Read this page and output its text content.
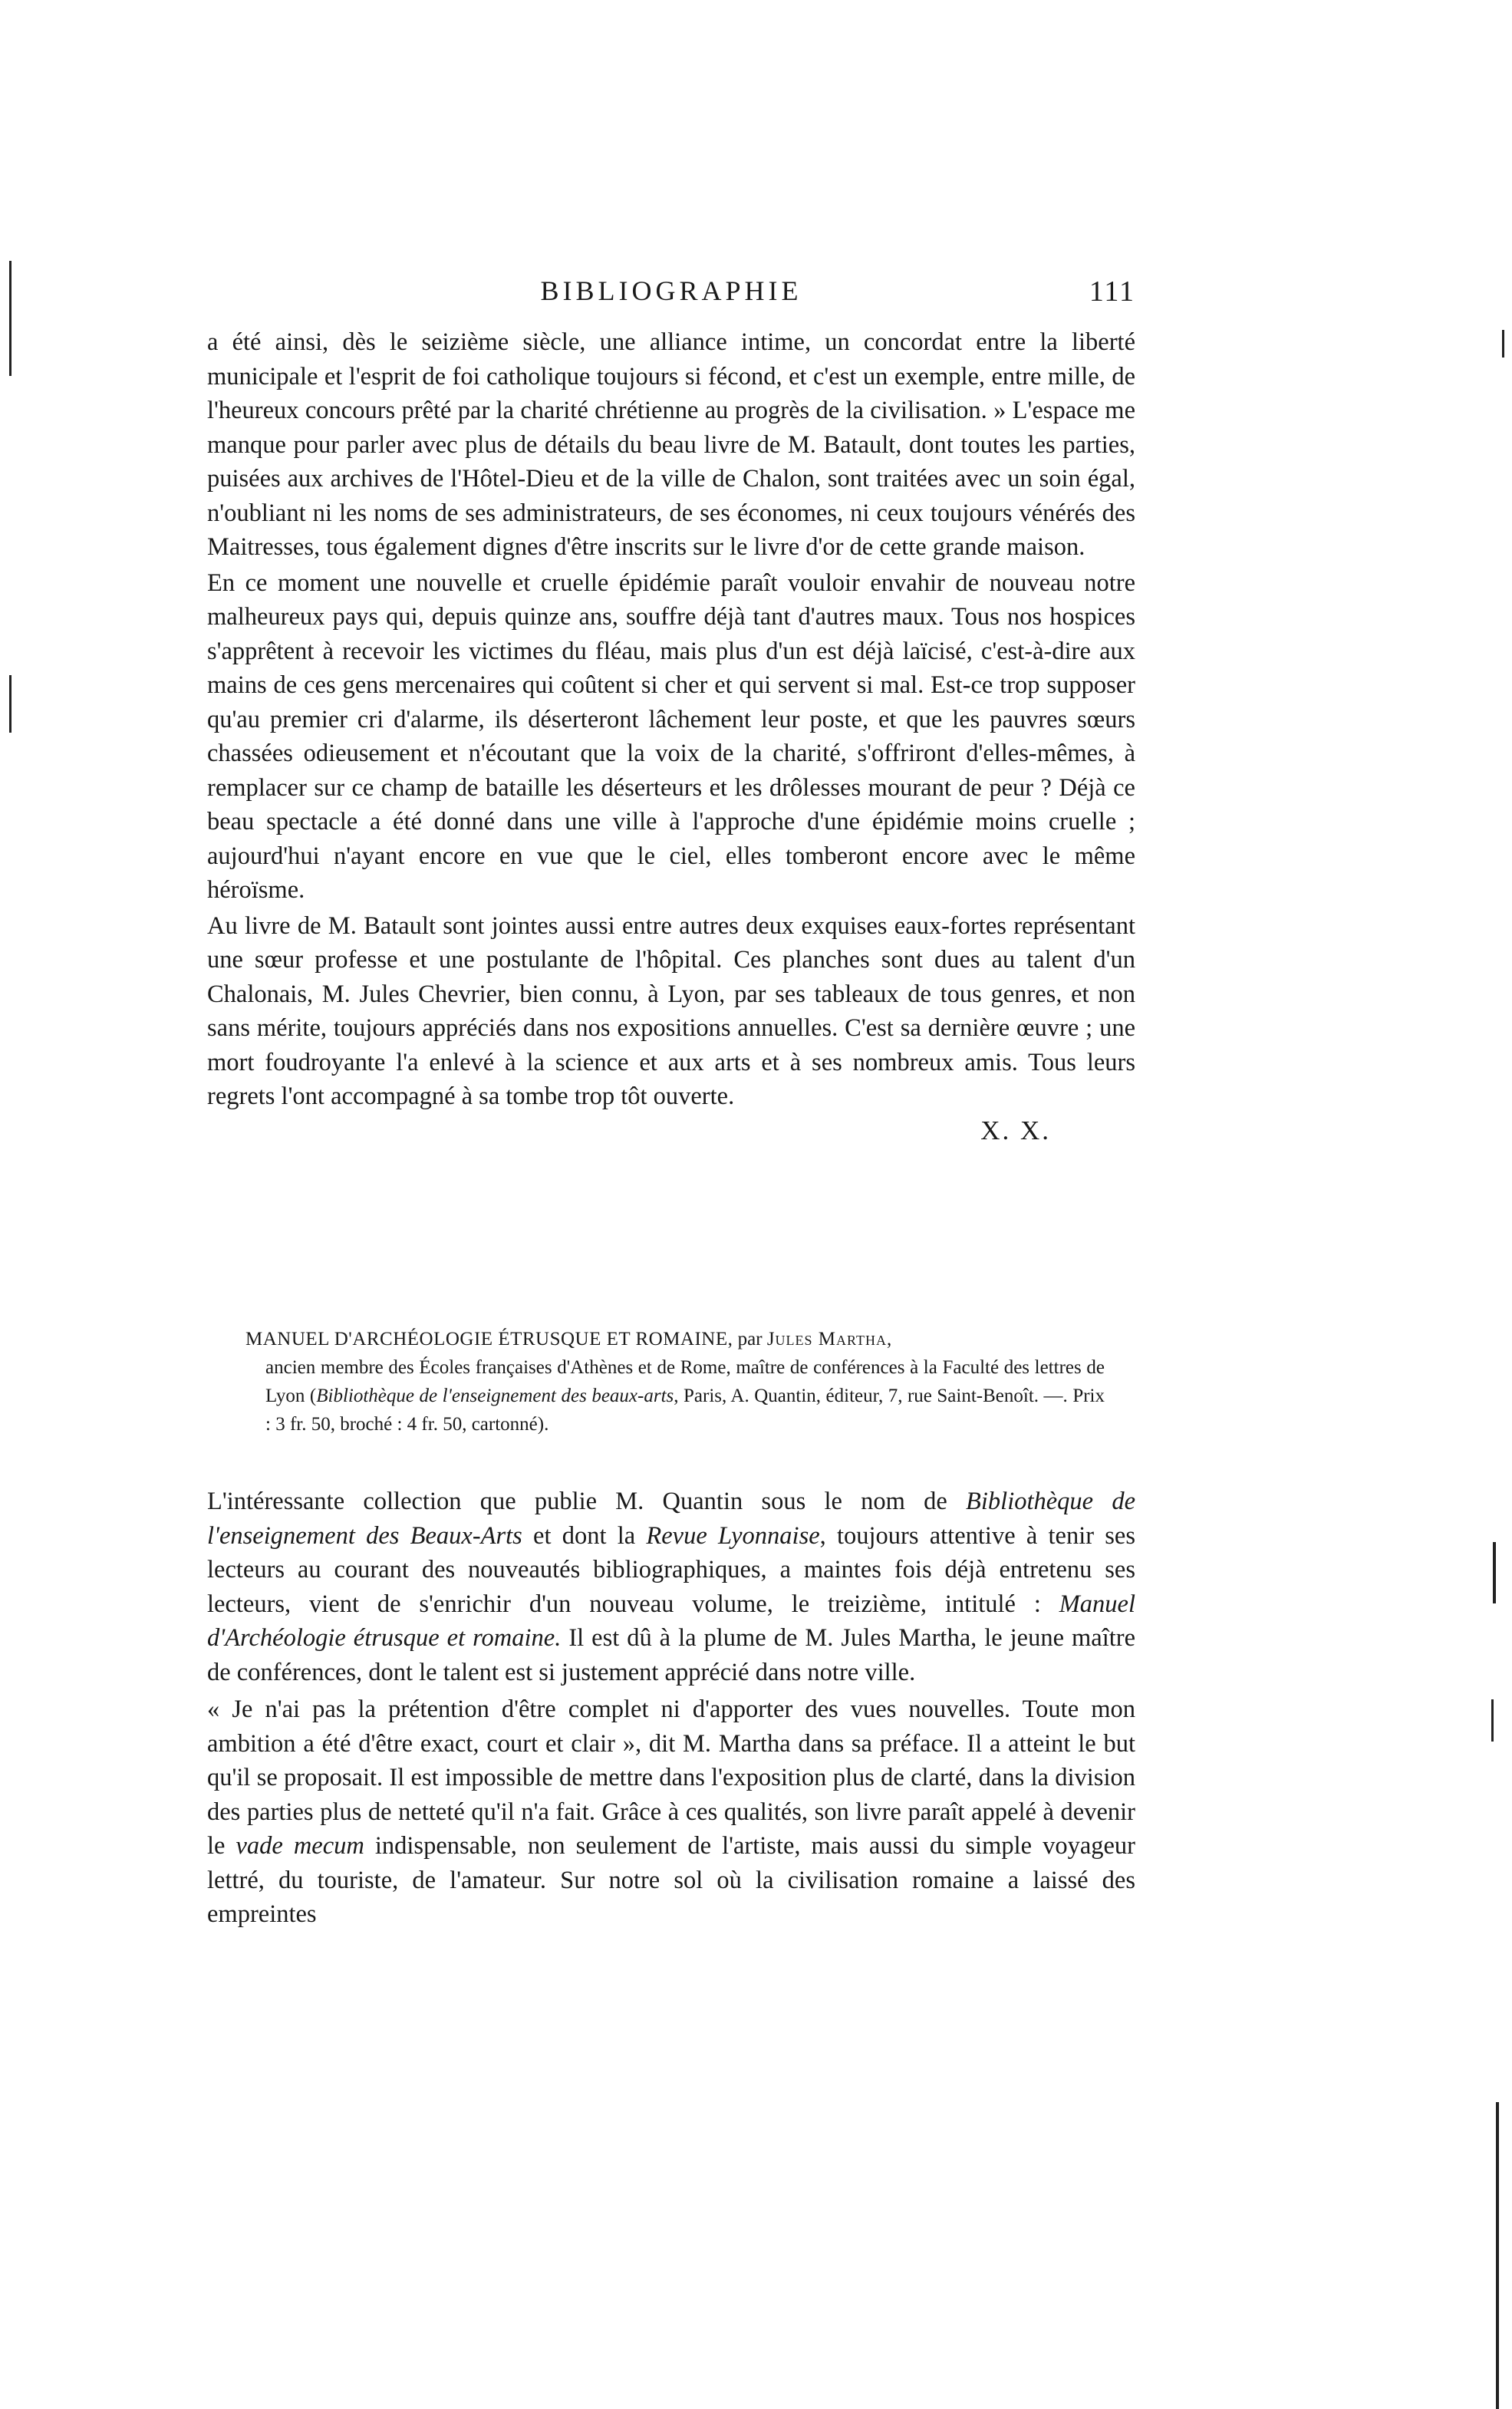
BIBLIOGRAPHIE	111

a été ainsi, dès le seizième siècle, une alliance intime, un concordat entre la liberté municipale et l'esprit de foi catholique toujours si fécond, et c'est un exemple, entre mille, de l'heureux concours prêté par la charité chrétienne au progrès de la civilisation. » L'espace me manque pour parler avec plus de détails du beau livre de M. Batault, dont toutes les parties, puisées aux archives de l'Hôtel-Dieu et de la ville de Chalon, sont traitées avec un soin égal, n'oubliant ni les noms de ses administrateurs, de ses économes, ni ceux toujours vénérés des Maitresses, tous également dignes d'être inscrits sur le livre d'or de cette grande maison.

En ce moment une nouvelle et cruelle épidémie paraît vouloir envahir de nouveau notre malheureux pays qui, depuis quinze ans, souffre déjà tant d'autres maux. Tous nos hospices s'apprêtent à recevoir les victimes du fléau, mais plus d'un est déjà laïcisé, c'est-à-dire aux mains de ces gens mercenaires qui coûtent si cher et qui servent si mal. Est-ce trop supposer qu'au premier cri d'alarme, ils déserteront lâchement leur poste, et que les pauvres sœurs chassées odieusement et n'écoutant que la voix de la charité, s'offriront d'elles-mêmes, à remplacer sur ce champ de bataille les déserteurs et les drôlesses mourant de peur ? Déjà ce beau spectacle a été donné dans une ville à l'approche d'une épidémie moins cruelle ; aujourd'hui n'ayant encore en vue que le ciel, elles tomberont encore avec le même héroïsme.

Au livre de M. Batault sont jointes aussi entre autres deux exquises eaux-fortes représentant une sœur professe et une postulante de l'hôpital. Ces planches sont dues au talent d'un Chalonais, M. Jules Chevrier, bien connu, à Lyon, par ses tableaux de tous genres, et non sans mérite, toujours appréciés dans nos expositions annuelles. C'est sa dernière œuvre ; une mort foudroyante l'a enlevé à la science et aux arts et à ses nombreux amis. Tous leurs regrets l'ont accompagné à sa tombe trop tôt ouverte.

X. X.
MANUEL D'ARCHÉOLOGIE ÉTRUSQUE ET ROMAINE, par Jules Martha,
ancien membre des Écoles françaises d'Athènes et de Rome, maître de conférences à la Faculté des lettres de Lyon (Bibliothèque de l'enseignement des beaux-arts, Paris, A. Quantin, éditeur, 7, rue Saint-Benoît. —. Prix : 3 fr. 50, broché : 4 fr. 50, cartonné).

L'intéressante collection que publie M. Quantin sous le nom de Bibliothèque de l'enseignement des Beaux-Arts et dont la Revue Lyonnaise, toujours attentive à tenir ses lecteurs au courant des nouveautés bibliographiques, a maintes fois déjà entretenu ses lecteurs, vient de s'enrichir d'un nouveau volume, le treizième, intitulé : Manuel d'Archéologie étrusque et romaine. Il est dû à la plume de M. Jules Martha, le jeune maître de conférences, dont le talent est si justement apprécié dans notre ville.

« Je n'ai pas la prétention d'être complet ni d'apporter des vues nouvelles. Toute mon ambition a été d'être exact, court et clair », dit M. Martha dans sa préface. Il a atteint le but qu'il se proposait. Il est impossible de mettre dans l'exposition plus de clarté, dans la division des parties plus de netteté qu'il n'a fait. Grâce à ces qualités, son livre paraît appelé à devenir le vade mecum indispensable, non seulement de l'artiste, mais aussi du simple voyageur lettré, du touriste, de l'amateur. Sur notre sol où la civilisation romaine a laissé des empreintes
